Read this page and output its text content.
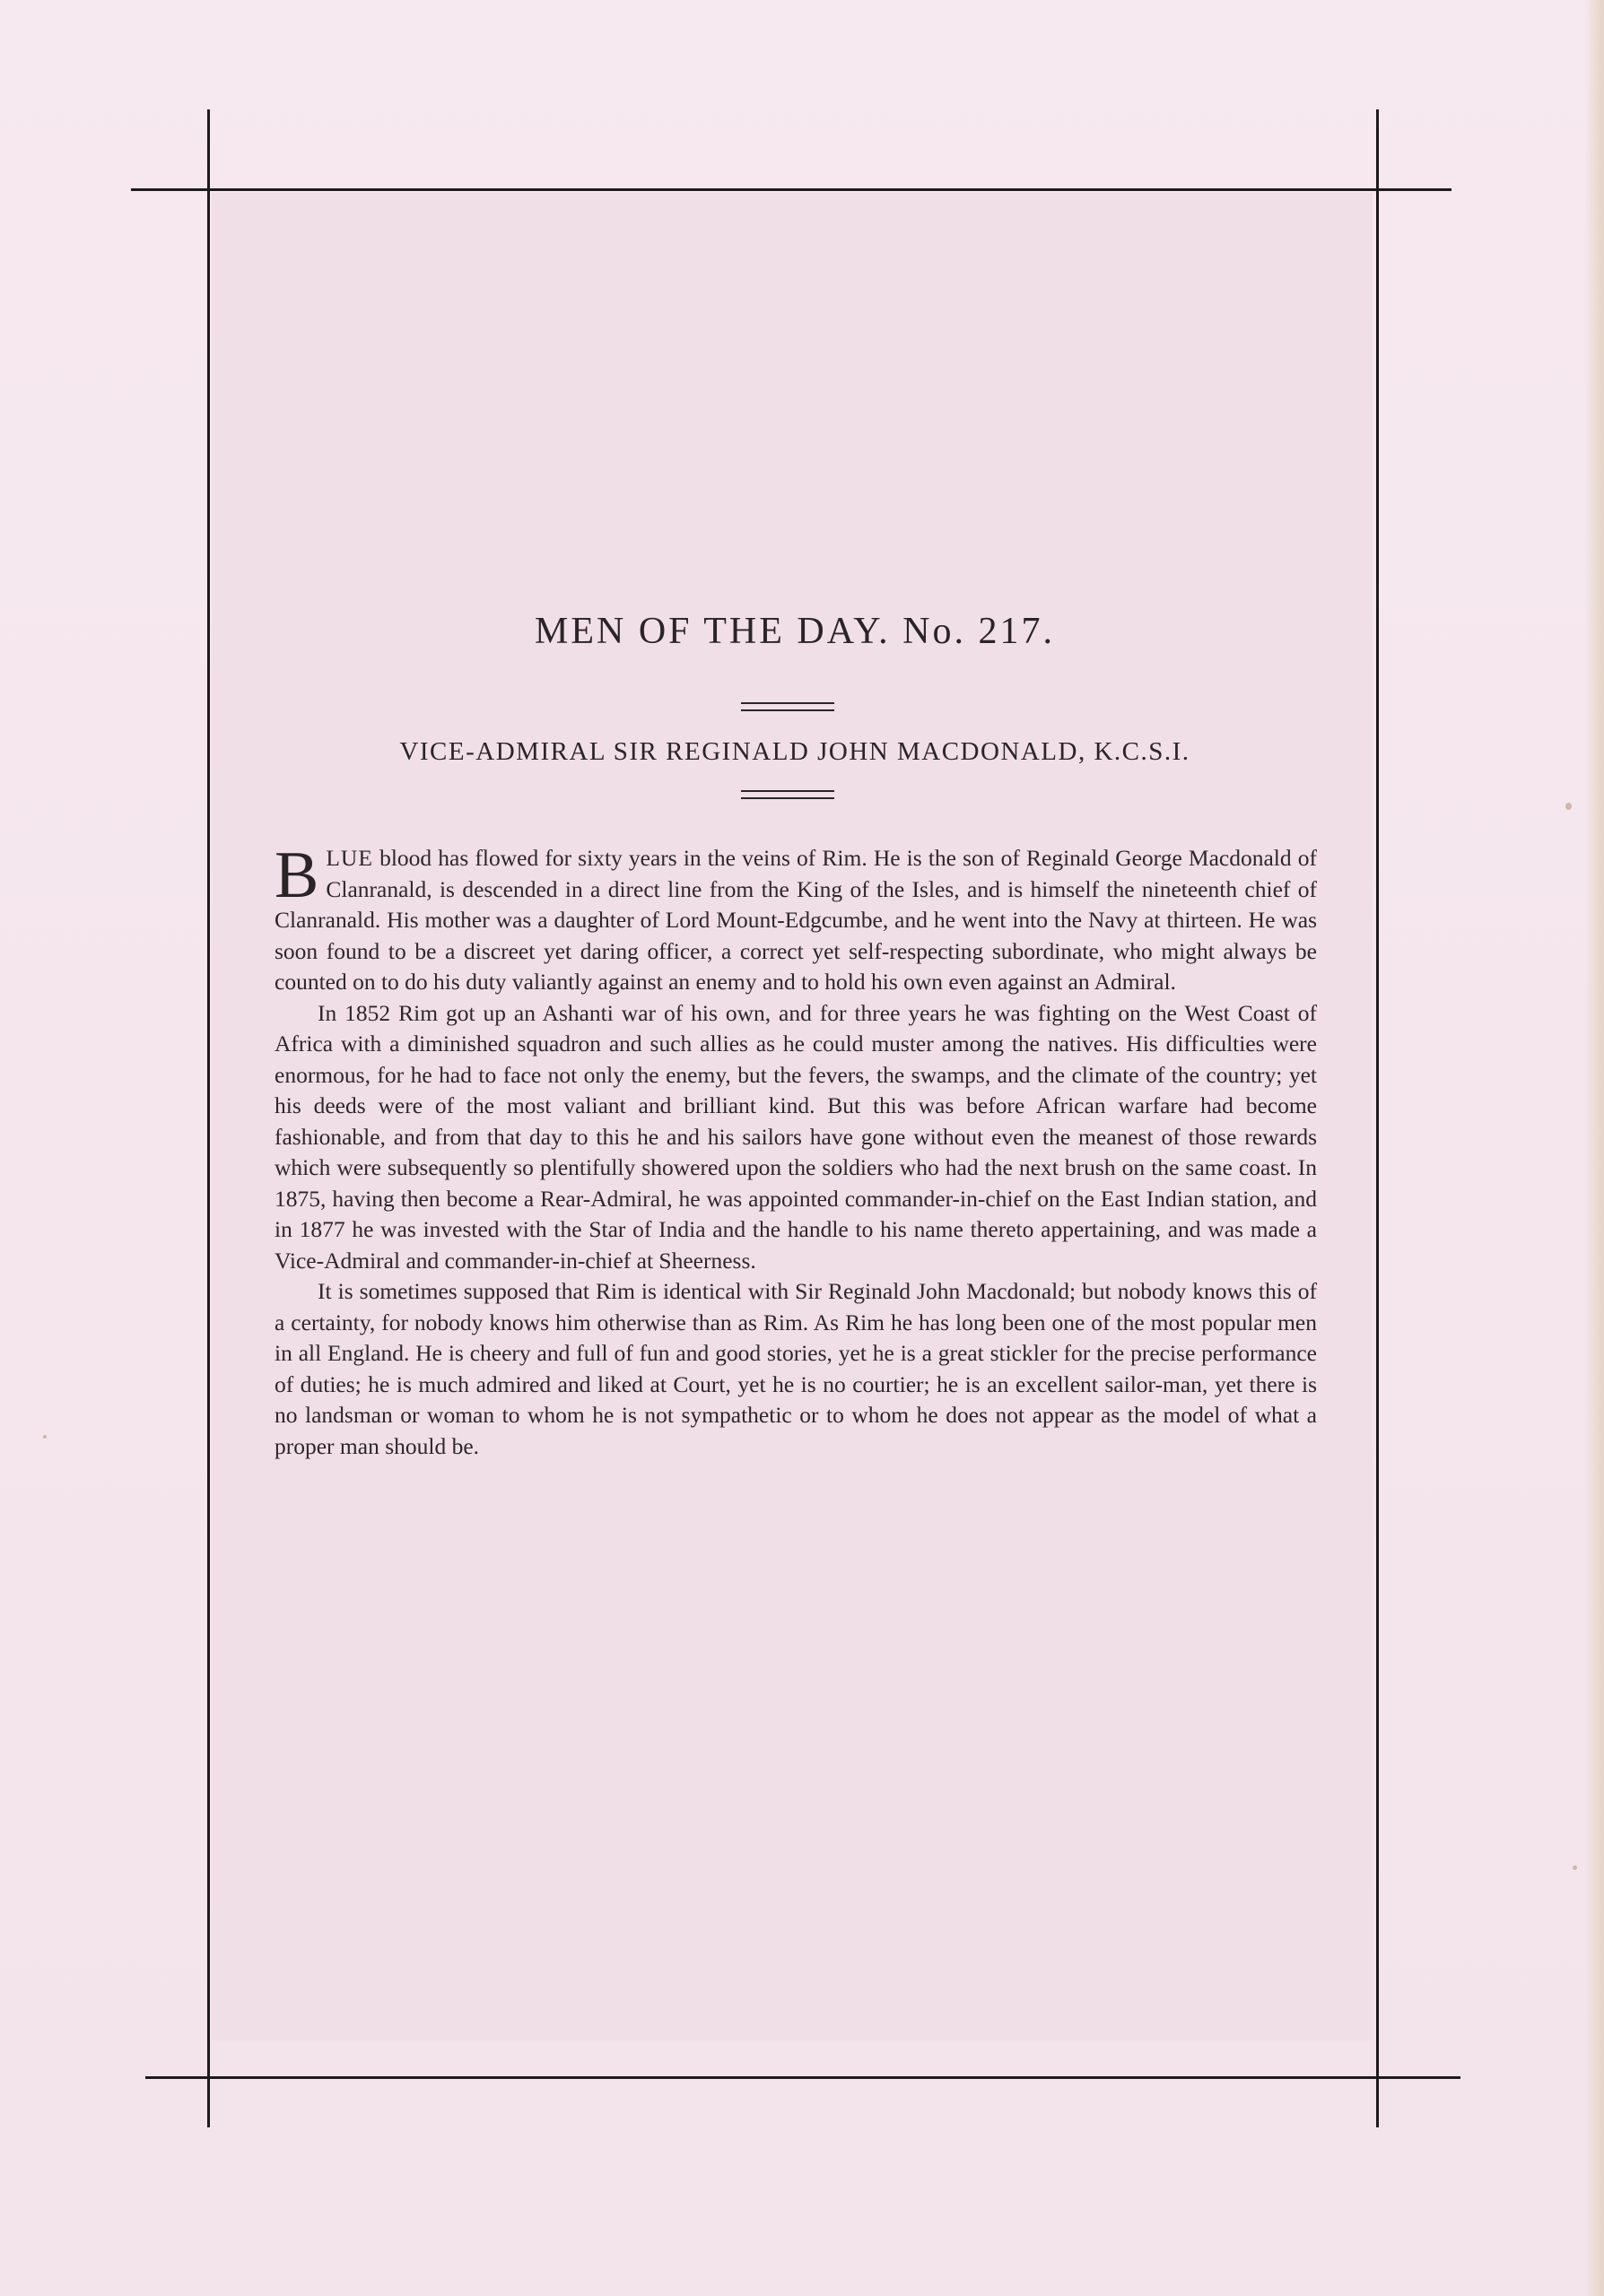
MEN OF THE DAY. No. 217.
VICE-ADMIRAL SIR REGINALD JOHN MACDONALD, K.C.S.I.

BLUE blood has flowed for sixty years in the veins of Rim. He is the son of Reginald George Macdonald of Clanranald, is descended in a direct line from the King of the Isles, and is himself the nineteenth chief of Clanranald. His mother was a daughter of Lord Mount-Edgcumbe, and he went into the Navy at thirteen. He was soon found to be a discreet yet daring officer, a correct yet self-respecting subordinate, who might always be counted on to do his duty valiantly against an enemy and to hold his own even against an Admiral.

In 1852 Rim got up an Ashanti war of his own, and for three years he was fighting on the West Coast of Africa with a diminished squadron and such allies as he could muster among the natives. His difficulties were enormous, for he had to face not only the enemy, but the fevers, the swamps, and the climate of the country; yet his deeds were of the most valiant and brilliant kind. But this was before African warfare had become fashionable, and from that day to this he and his sailors have gone without even the meanest of those rewards which were subsequently so plentifully showered upon the soldiers who had the next brush on the same coast. In 1875, having then become a Rear-Admiral, he was appointed commander-in-chief on the East Indian station, and in 1877 he was invested with the Star of India and the handle to his name thereto appertaining, and was made a Vice-Admiral and commander-in-chief at Sheerness.

It is sometimes supposed that Rim is identical with Sir Reginald John Macdonald; but nobody knows this of a certainty, for nobody knows him otherwise than as Rim. As Rim he has long been one of the most popular men in all England. He is cheery and full of fun and good stories, yet he is a great stickler for the precise performance of duties; he is much admired and liked at Court, yet he is no courtier; he is an excellent sailor-man, yet there is no landsman or woman to whom he is not sympathetic or to whom he does not appear as the model of what a proper man should be.
